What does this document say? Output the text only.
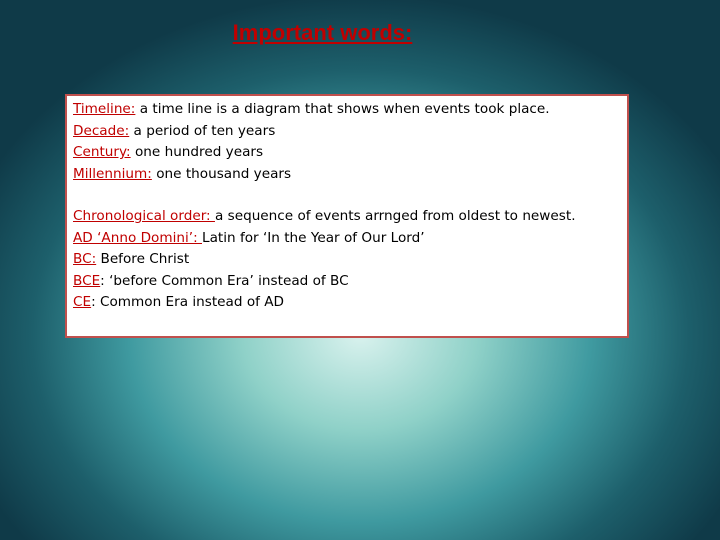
Important words:
Timeline: a time line is a diagram that shows when events took place.
Decade: a period of ten years
Century: one hundred years
Millennium: one thousand years
Chronological order: a sequence of events arrnged from oldest to newest.
AD ‘Anno Domini’: Latin for ‘In the Year of Our Lord’
BC: Before Christ
BCE: ‘before Common Era’ instead of BC
CE: Common Era instead of AD
